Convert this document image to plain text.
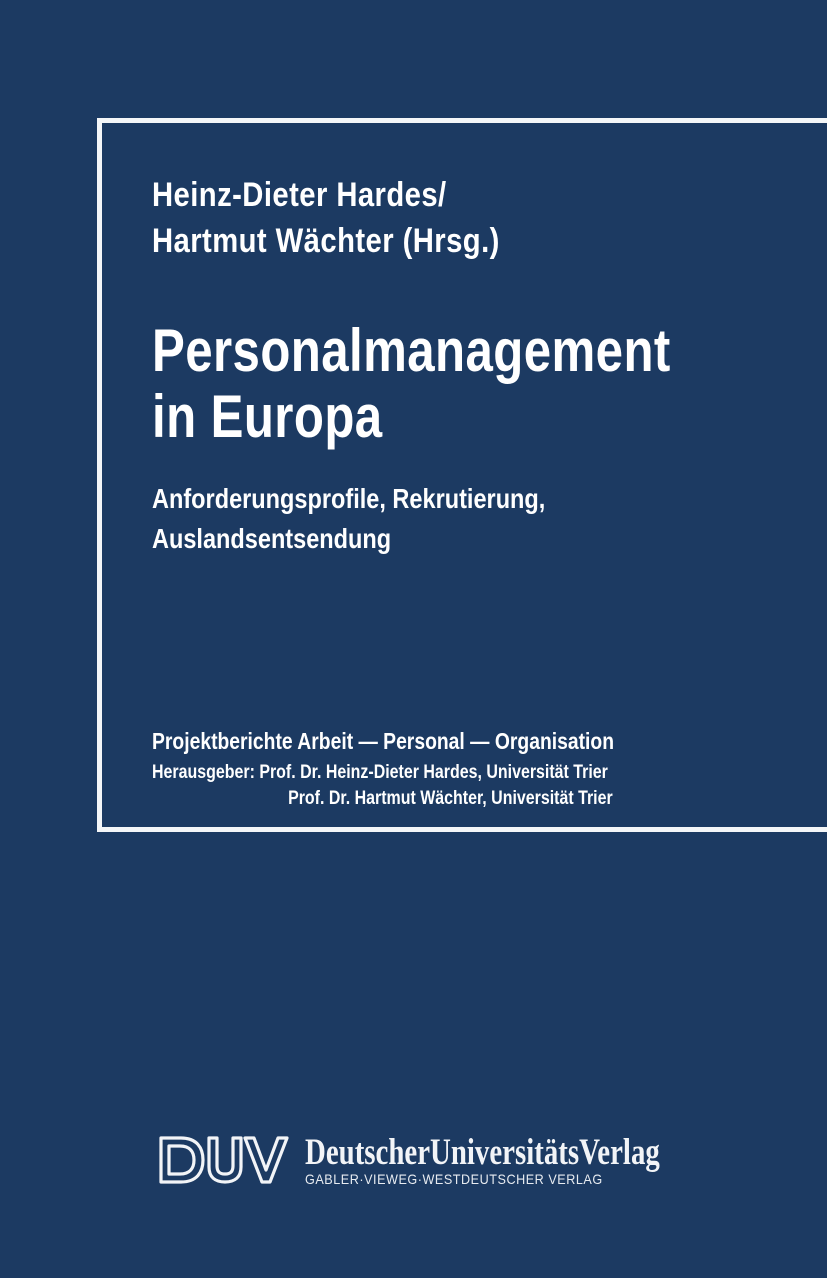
Heinz-Dieter Hardes/
Hartmut Wächter (Hrsg.)
Personalmanagement
in Europa
Anforderungsprofile, Rekrutierung,
Auslandsentsendung
Projektberichte Arbeit — Personal — Organisation
Herausgeber: Prof. Dr. Heinz-Dieter Hardes, Universität Trier
Prof. Dr. Hartmut Wächter, Universität Trier
DeutscherUniversitätsVerlag
GABLER·VIEWEG·WESTDEUTSCHER VERLAG
